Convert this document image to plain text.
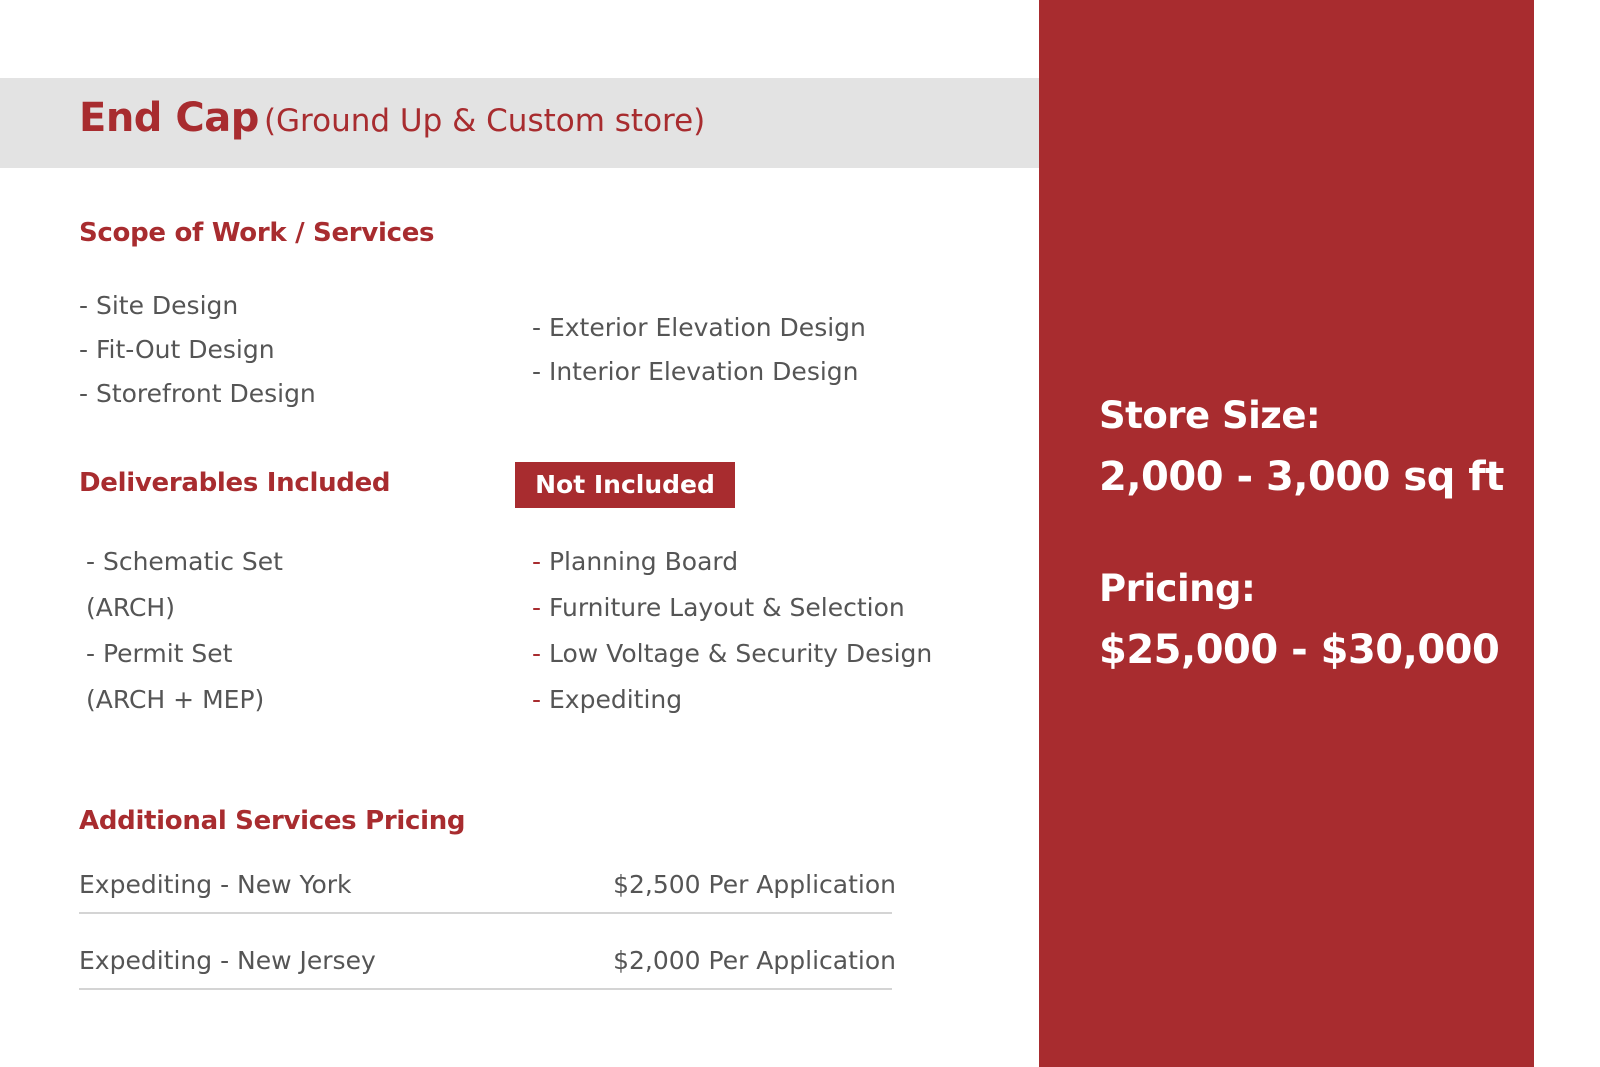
End Cap (Ground Up & Custom store)
Scope of Work / Services
- Site Design
- Fit-Out Design
- Storefront Design
- Exterior Elevation Design
- Interior Elevation Design
Deliverables Included	Not Included
- Schematic Set
(ARCH)
- Permit Set
(ARCH + MEP)
- Planning Board
- Furniture Layout & Selection
- Low Voltage & Security Design
- Expediting
Additional Services Pricing
Expediting - New York	$2,500 Per Application
Expediting - New Jersey	$2,000 Per Application
Store Size:
2,000 - 3,000 sq ft
Pricing:
$25,000 - $30,000
